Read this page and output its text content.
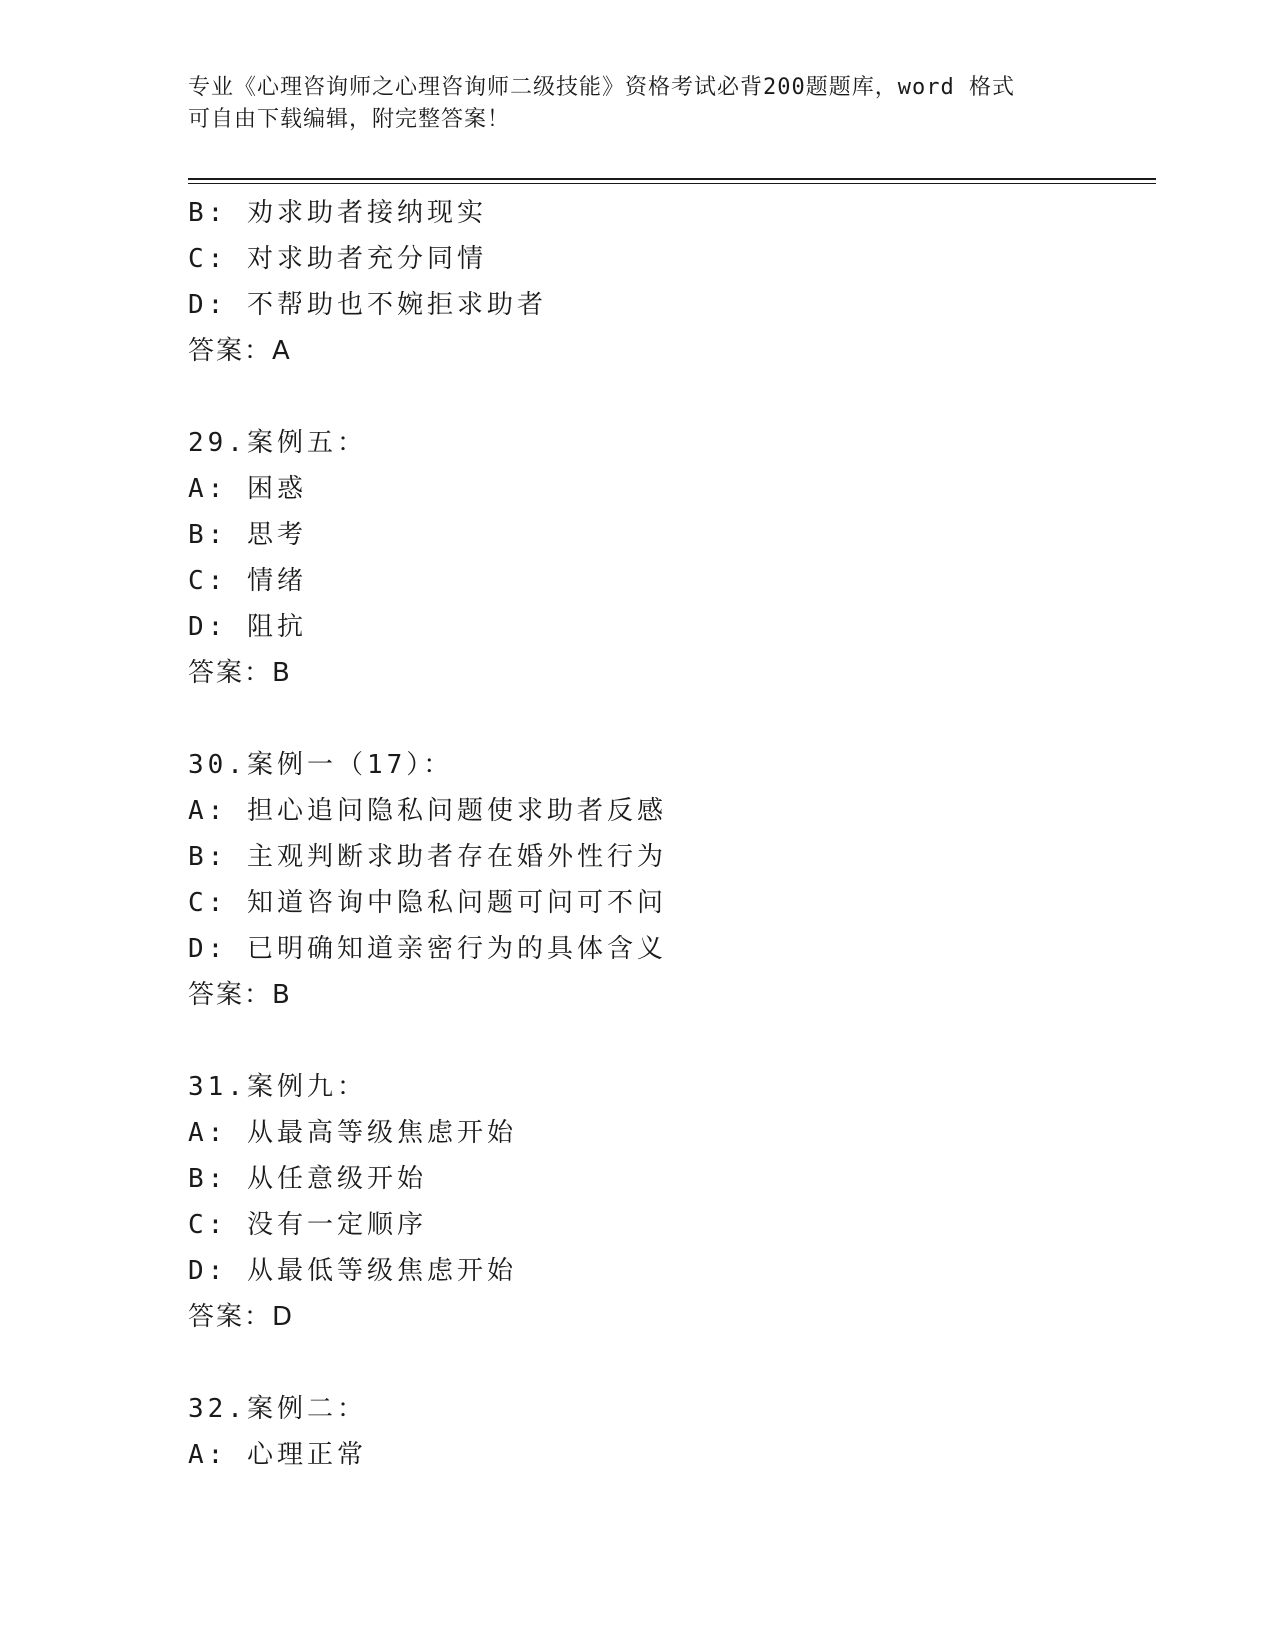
专业《心理咨询师之心理咨询师二级技能》资格考试必背200题题库，word 格式
可自由下载编辑，附完整答案！
B: 劝求助者接纳现实
C: 对求助者充分同情
D: 不帮助也不婉拒求助者
答案：A
29.案例五：
A: 困惑
B: 思考
C: 情绪
D: 阻抗
答案：B
30.案例一（17）：
A: 担心追问隐私问题使求助者反感
B: 主观判断求助者存在婚外性行为
C: 知道咨询中隐私问题可问可不问
D: 已明确知道亲密行为的具体含义
答案：B
31.案例九：
A: 从最高等级焦虑开始
B: 从任意级开始
C: 没有一定顺序
D: 从最低等级焦虑开始
答案：D
32.案例二：
A: 心理正常
